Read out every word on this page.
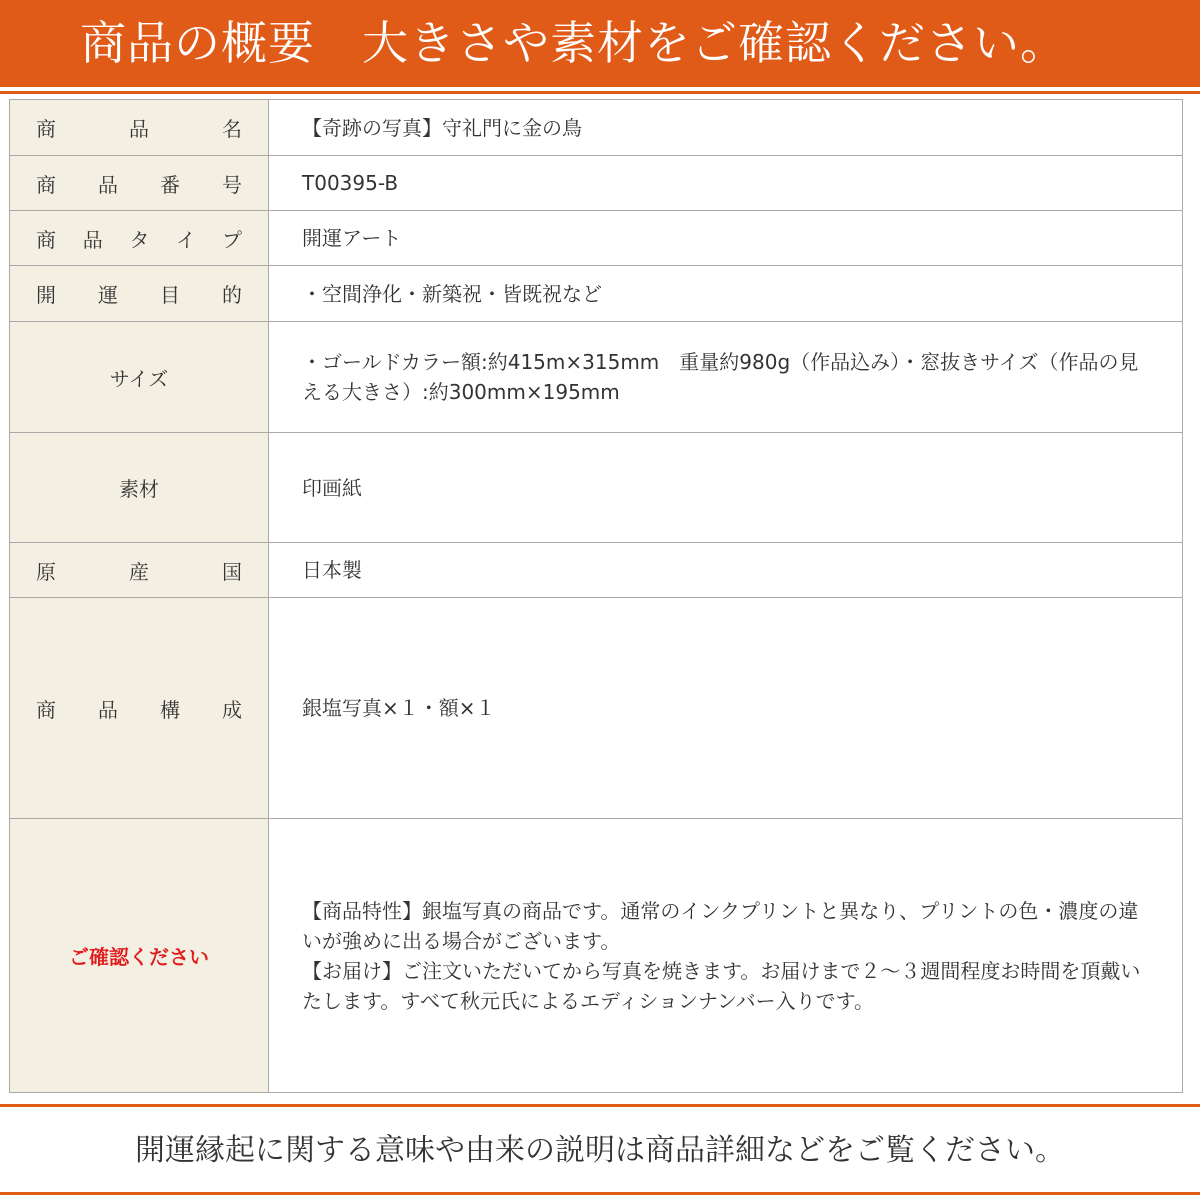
商品の概要　大きさや素材をご確認ください。
商品名	【奇跡の写真】守礼門に金の鳥
商品番号	T00395-B
商品タイプ	開運アート
開運目的	・空間浄化・新築祝・皆既祝など
サイズ	・ゴールドカラー額:約415m×315mm　重量約980g（作品込み）・窓抜きサイズ（作品の見える大きさ）:約300mm×195mm

素材	印画紙
原産国	日本製
商品構成	銀塩写真×１・額×１
ご確認ください	【商品特性】銀塩写真の商品です。通常のインクプリントと異なり、プリントの色・濃度の違いが強めに出る場合がございます。
【お届け】ご注文いただいてから写真を焼きます。お届けまで２〜３週間程度お時間を頂戴いたします。すべて秋元氏によるエディションナンバー入りです。
開運縁起に関する意味や由来の説明は商品詳細などをご覧ください。
